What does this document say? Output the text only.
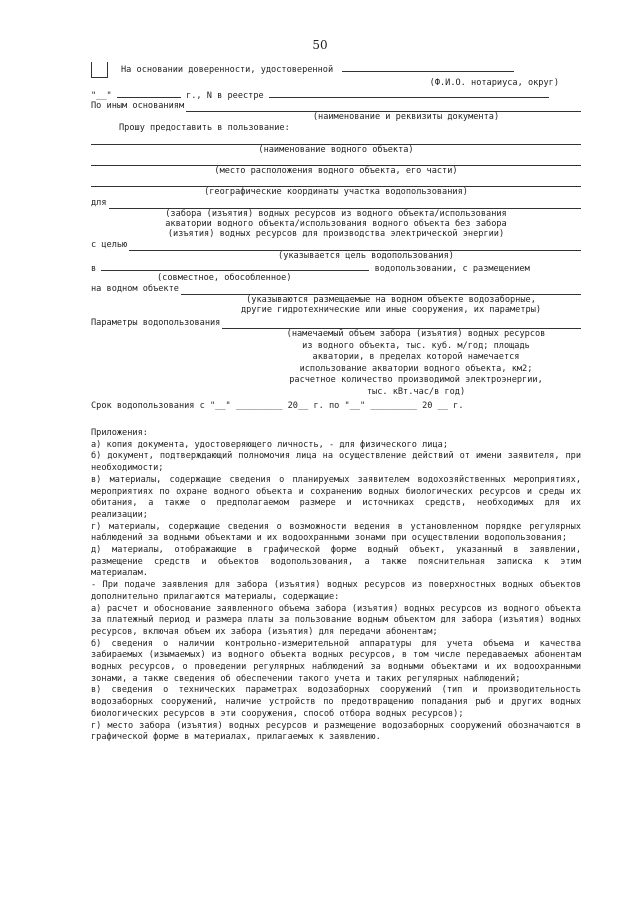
50
На основании доверенности, удостоверенной
(Ф.И.О. нотариуса, округ)
"__"	г., N в реестре
По иным основаниям
(наименование и реквизиты документа)
Прошу предоставить в пользование:
(наименование водного объекта)
(место расположения водного объекта, его части)
(географические координаты участка водопользования)
для
(забора (изъятия) водных ресурсов из водного объекта/использования
акватории водного объекта/использования водного объекта без забора
(изъятия) водных ресурсов для производства электрической энергии)
с целью
(указывается цель водопользования)
в	водопользовании, с размещением
(совместное, обособленное)
на водном объекте
(указываются размещаемые на водном объекте водозаборные,
другие гидротехнические или иные сооружения, их параметры)
Параметры водопользования
(намечаемый объем забора (изъятия) водных ресурсов
из водного объекта, тыс. куб. м/год; площадь
акватории, в пределах которой намечается
использование акватории водного объекта, км2;
расчетное количество производимой электроэнергии,
тыс. кВт.час/в год)
Срок водопользования с "__" _________ 20__ г. по "__" _________ 20 __ г.
Приложения:

а) копия документа, удостоверяющего личность, - для физического лица;

б) документ, подтверждающий полномочия лица на осуществление действий от имени заявителя, при необходимости;

в) материалы, содержащие сведения о планируемых заявителем водохозяйственных мероприятиях, мероприятиях по охране водного объекта и сохранению водных биологических ресурсов и среды их обитания, а также о предполагаемом размере и источниках средств, необходимых для их реализации;

г) материалы, содержащие сведения о возможности ведения в установленном порядке регулярных наблюдений за водными объектами и их водоохранными зонами при осуществлении водопользования;

д) материалы, отображающие в графической форме водный объект, указанный в заявлении, размещение средств и объектов водопользования, а также пояснительная записка к этим материалам.

- При подаче заявления для забора (изъятия) водных ресурсов из поверхностных водных объектов дополнительно прилагаются материалы, содержащие:

а) расчет и обоснование заявленного объема забора (изъятия) водных ресурсов из водного объекта за платежный период и размера платы за пользование водным объектом для забора (изъятия) водных ресурсов, включая объем их забора (изъятия) для передачи абонентам;

б) сведения о наличии контрольно-измерительной аппаратуры для учета объема и качества забираемых (изымаемых) из водного объекта водных ресурсов, в том числе передаваемых абонентам водных ресурсов, о проведении регулярных наблюдений за водными объектами и их водоохранными зонами, а также сведения об обеспечении такого учета и таких регулярных наблюдений;

в) сведения о технических параметрах водозаборных сооружений (тип и производительность водозаборных сооружений, наличие устройств по предотвращению попадания рыб и других водных биологических ресурсов в эти сооружения, способ отбора водных ресурсов);

г) место забора (изъятия) водных ресурсов и размещение водозаборных сооружений обозначаются в графической форме в материалах, прилагаемых к заявлению.
